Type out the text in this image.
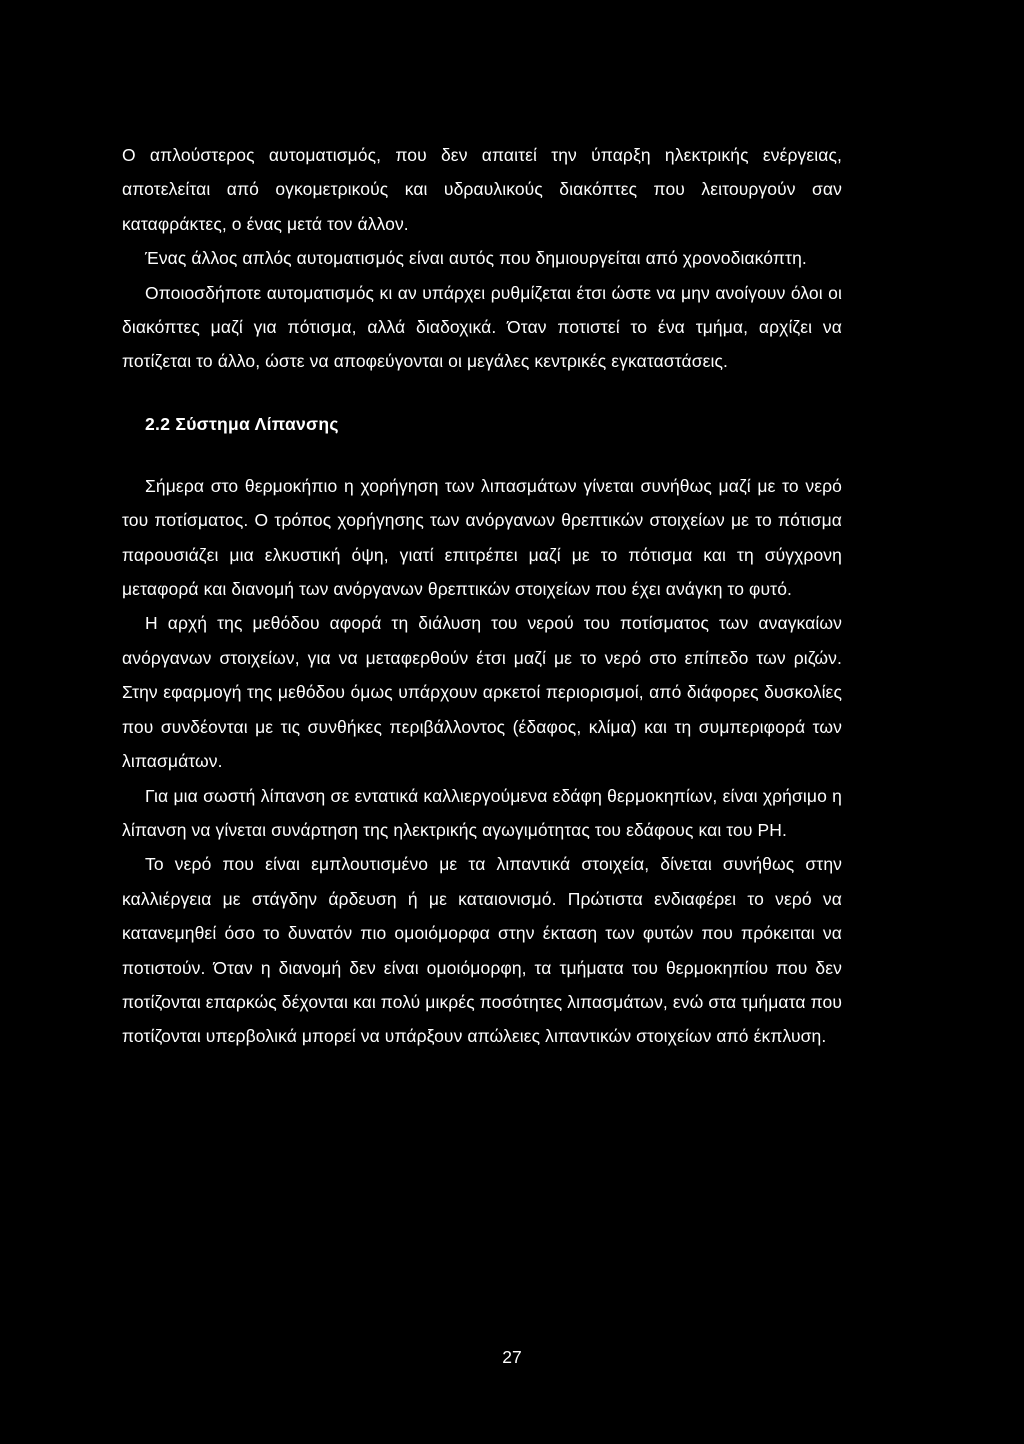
Ο απλούστερος αυτοματισμός, που δεν απαιτεί την ύπαρξη ηλεκτρικής ενέργειας, αποτελείται από ογκομετρικούς και υδραυλικούς διακόπτες που λειτουργούν σαν καταφράκτες, ο ένας μετά τον άλλον.

Ένας άλλος απλός αυτοματισμός είναι αυτός που δημιουργείται από χρονοδιακόπτη.

Οποιοσδήποτε αυτοματισμός κι αν υπάρχει ρυθμίζεται έτσι ώστε να μην ανοίγουν όλοι οι διακόπτες μαζί για πότισμα, αλλά διαδοχικά. Όταν ποτιστεί το ένα τμήμα, αρχίζει να ποτίζεται το άλλο, ώστε να αποφεύγονται οι μεγάλες κεντρικές εγκαταστάσεις.

2.2 Σύστημα Λίπανσης

Σήμερα στο θερμοκήπιο η χορήγηση των λιπασμάτων γίνεται συνήθως μαζί με το νερό του ποτίσματος. Ο τρόπος χορήγησης των ανόργανων θρεπτικών στοιχείων με το πότισμα παρουσιάζει μια ελκυστική όψη, γιατί επιτρέπει μαζί με το πότισμα και τη σύγχρονη μεταφορά και διανομή των ανόργανων θρεπτικών στοιχείων που έχει ανάγκη το φυτό.

Η αρχή της μεθόδου αφορά τη διάλυση του νερού του ποτίσματος των αναγκαίων ανόργανων στοιχείων, για να μεταφερθούν έτσι μαζί με το νερό στο επίπεδο των ριζών. Στην εφαρμογή της μεθόδου όμως υπάρχουν αρκετοί περιορισμοί, από διάφορες δυσκολίες που συνδέονται με τις συνθήκες περιβάλλοντος (έδαφος, κλίμα) και τη συμπεριφορά των λιπασμάτων.

Για μια σωστή λίπανση σε εντατικά καλλιεργούμενα εδάφη θερμοκηπίων, είναι χρήσιμο η λίπανση να γίνεται συνάρτηση της ηλεκτρικής αγωγιμότητας του εδάφους και του PH.

Το νερό που είναι εμπλουτισμένο με τα λιπαντικά στοιχεία, δίνεται συνήθως στην καλλιέργεια με στάγδην άρδευση ή με καταιονισμό. Πρώτιστα ενδιαφέρει το νερό να κατανεμηθεί όσο το δυνατόν πιο ομοιόμορφα στην έκταση των φυτών που πρόκειται να ποτιστούν. Όταν η διανομή δεν είναι ομοιόμορφη, τα τμήματα του θερμοκηπίου που δεν ποτίζονται επαρκώς δέχονται και πολύ μικρές ποσότητες λιπασμάτων, ενώ στα τμήματα που ποτίζονται υπερβολικά μπορεί να υπάρξουν απώλειες λιπαντικών στοιχείων από έκπλυση.

27
